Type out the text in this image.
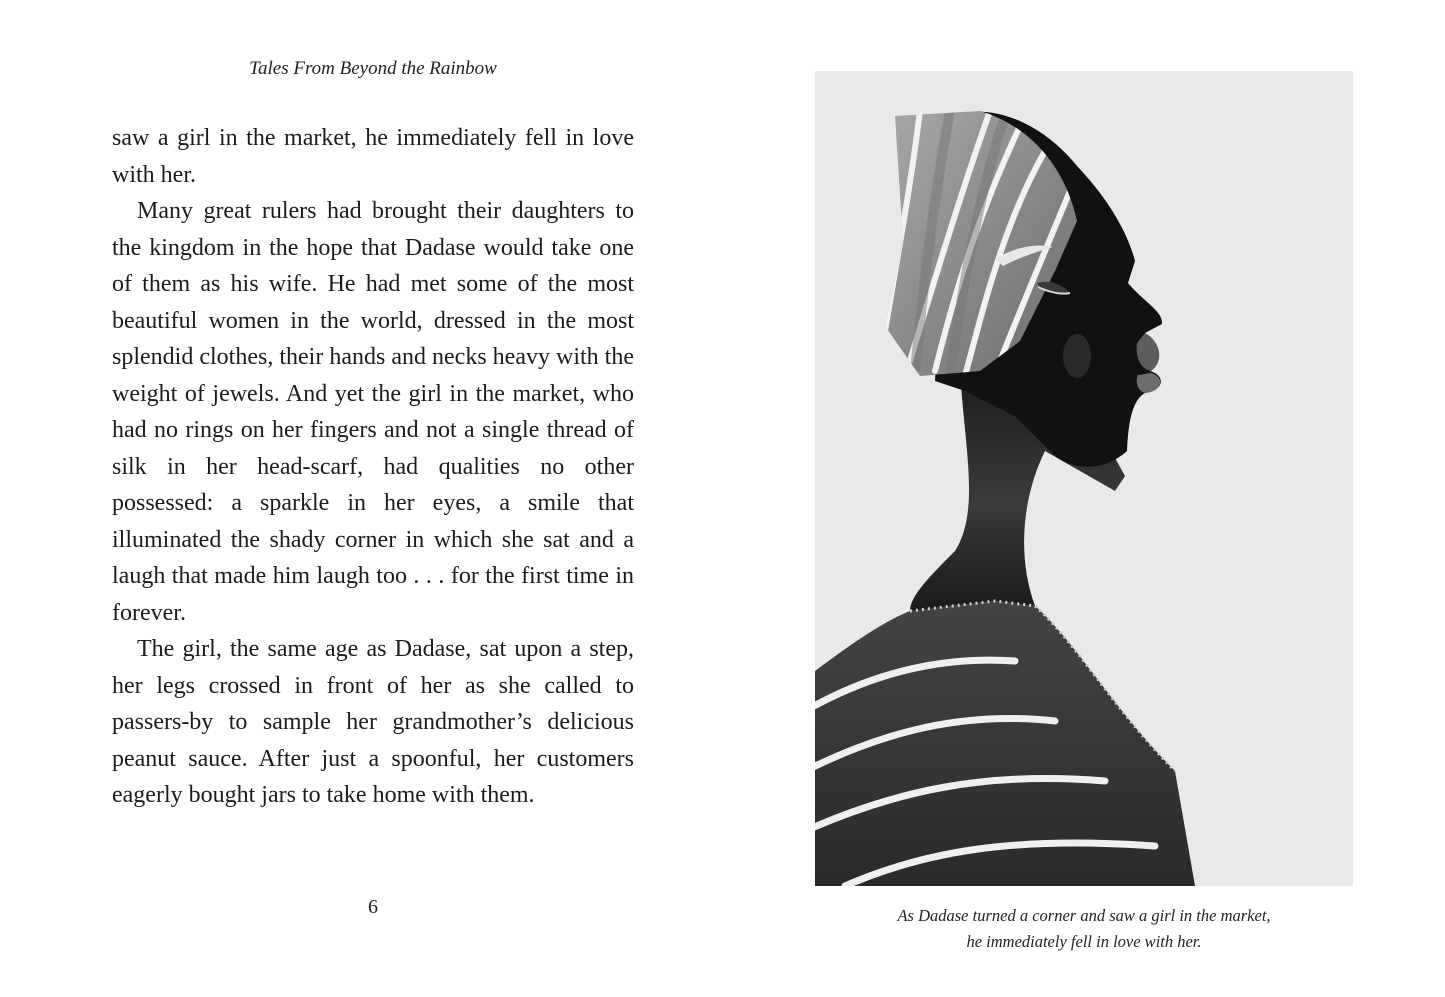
Tales From Beyond the Rainbow

saw a girl in the market, he immediately fell in love with her.

Many great rulers had brought their daughters to the kingdom in the hope that Dadase would take one of them as his wife. He had met some of the most beautiful women in the world, dressed in the most splendid clothes, their hands and necks heavy with the weight of jewels. And yet the girl in the market, who had no rings on her fingers and not a single thread of silk in her head-scarf, had qualities no other possessed: a sparkle in her eyes, a smile that illuminated the shady corner in which she sat and a laugh that made him laugh too . . . for the first time in forever.

The girl, the same age as Dadase, sat upon a step, her legs crossed in front of her as she called to passers-by to sample her grandmother’s delicious peanut sauce. After just a spoonful, her customers eagerly bought jars to take home with them.

6	As Dadase turned a corner and saw a girl in the market,
he immediately fell in love with her.
